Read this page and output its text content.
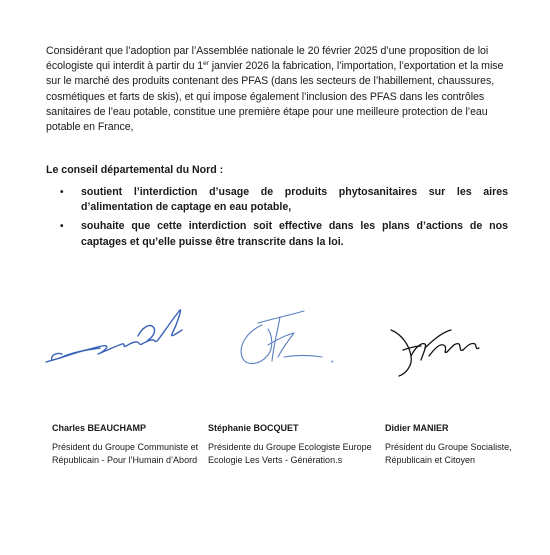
Considérant que l’adoption par l’Assemblée nationale le 20 février 2025 d’une proposition de loi écologiste qui interdit à partir du 1er janvier 2026 la fabrication, l’importation, l’exportation et la mise sur le marché des produits contenant des PFAS (dans les secteurs de l’habillement, chaussures, cosmétiques et farts de skis), et qui impose également l’inclusion des PFAS dans les contrôles sanitaires de l’eau potable, constitue une première étape pour une meilleure protection de l’eau potable en France,

Le conseil départemental du Nord :
• soutient l’interdiction d’usage de produits phytosanitaires sur les aires d’alimentation de captage en eau potable,
• souhaite que cette interdiction soit effective dans les plans d’actions de nos captages et qu’elle puisse être transcrite dans la loi.
Charles BEAUCHAMP
Président du Groupe Communiste et Républicain - Pour l’Humain d’Abord
Stéphanie BOCQUET
Présidente du Groupe Ecologiste Europe Ecologie Les Verts - Génération.s
Didier MANIER
Président du Groupe Socialiste, Républicain et Citoyen
